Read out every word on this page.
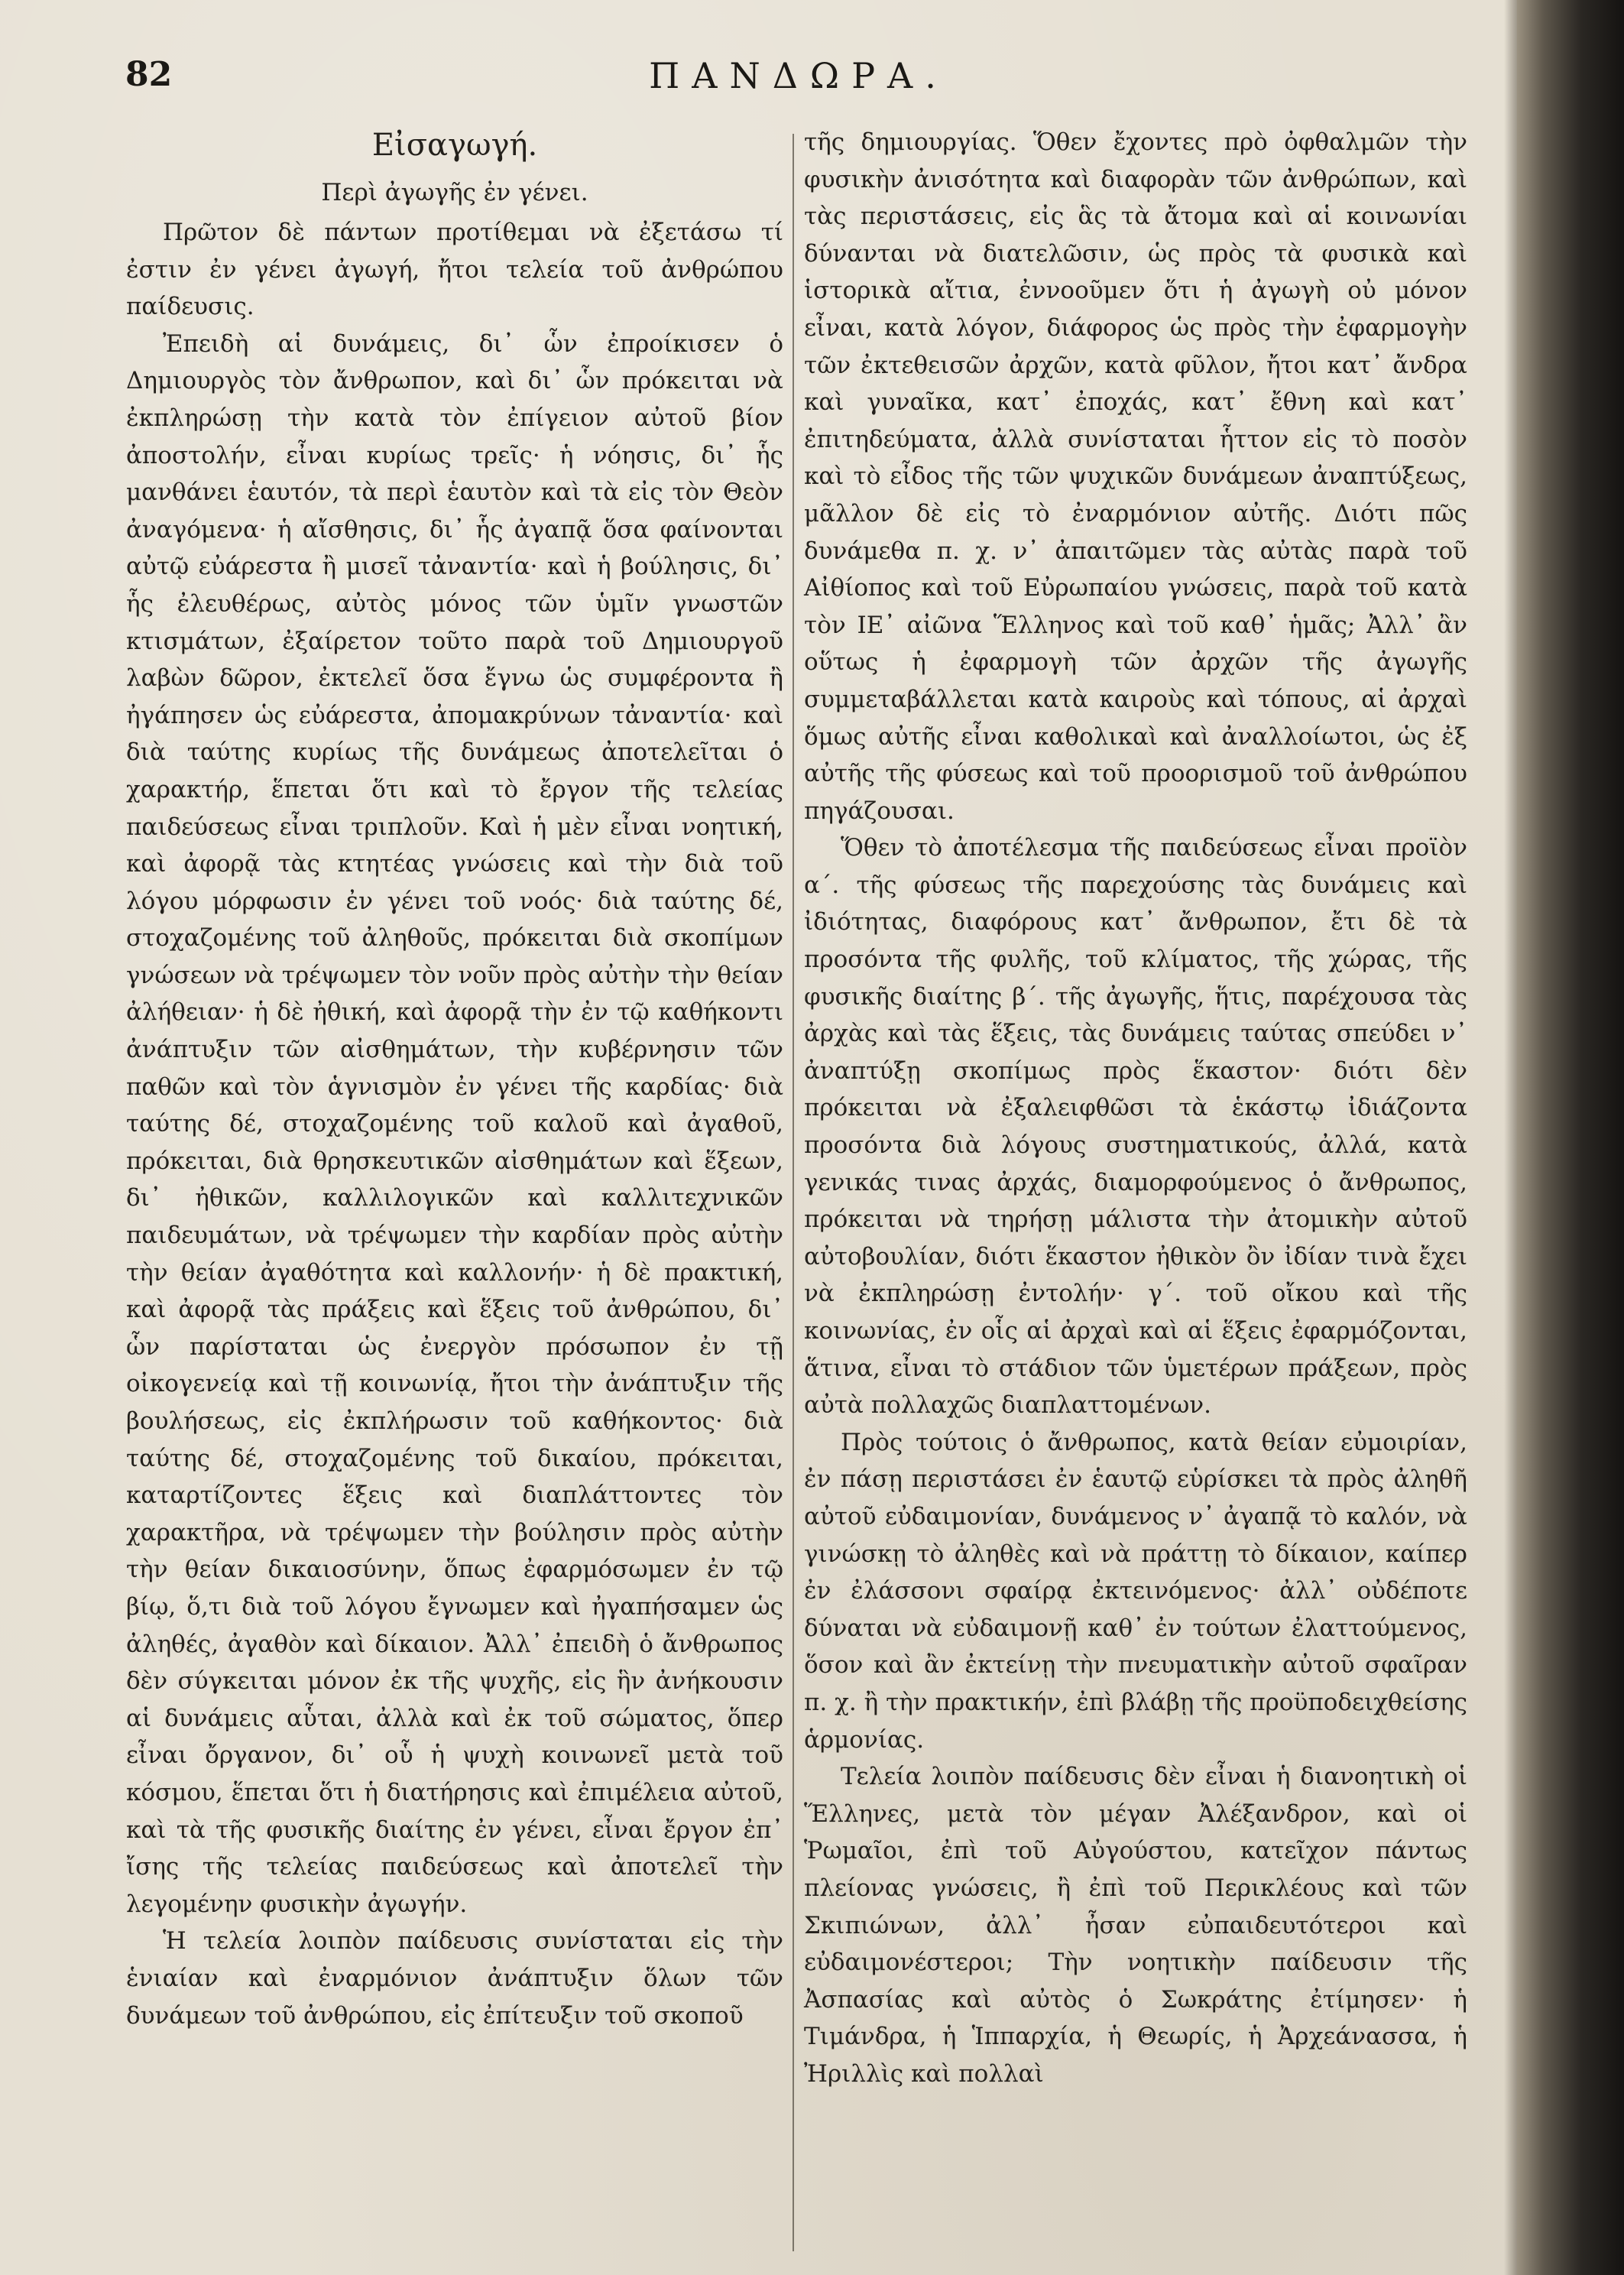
82	ΠΑΝΔΩΡΑ.
Εἰσαγωγή.
Περὶ ἀγωγῆς ἐν γένει.

Πρῶτον δὲ πάντων προτίθεμαι νὰ ἐξετάσω τί ἐστιν ἐν γένει ἀγωγή, ἤτοι τελεία τοῦ ἀνθρώπου παίδευσις.

Ἐπειδὴ αἱ δυνάμεις, δι᾽ ὧν ἐπροίκισεν ὁ Δημιουργὸς τὸν ἄνθρωπον, καὶ δι᾽ ὧν πρόκειται νὰ ἐκπληρώσῃ τὴν κατὰ τὸν ἐπίγειον αὐτοῦ βίον ἀποστολήν, εἶναι κυρίως τρεῖς· ἡ νόησις, δι᾽ ἧς μανθάνει ἑαυτόν, τὰ περὶ ἑαυτὸν καὶ τὰ εἰς τὸν Θεὸν ἀναγόμενα· ἡ αἴσθησις, δι᾽ ἧς ἀγαπᾷ ὅσα φαίνονται αὐτῷ εὐάρεστα ἢ μισεῖ τἀναντία· καὶ ἡ βούλησις, δι᾽ ἧς ἐλευθέρως, αὐτὸς μόνος τῶν ὑμῖν γνωστῶν κτισμάτων, ἐξαίρετον τοῦτο παρὰ τοῦ Δημιουργοῦ λαβὼν δῶρον, ἐκτελεῖ ὅσα ἔγνω ὡς συμφέροντα ἢ ἠγάπησεν ὡς εὐάρεστα, ἀπομακρύνων τἀναντία· καὶ διὰ ταύτης κυρίως τῆς δυνάμεως ἀποτελεῖται ὁ χαρακτήρ, ἕπεται ὅτι καὶ τὸ ἔργον τῆς τελείας παιδεύσεως εἶναι τριπλοῦν. Καὶ ἡ μὲν εἶναι νοητική, καὶ ἀφορᾷ τὰς κτητέας γνώσεις καὶ τὴν διὰ τοῦ λόγου μόρφωσιν ἐν γένει τοῦ νοός· διὰ ταύτης δέ, στοχαζομένης τοῦ ἀληθοῦς, πρόκειται διὰ σκοπίμων γνώσεων νὰ τρέψωμεν τὸν νοῦν πρὸς αὐτὴν τὴν θείαν ἀλήθειαν· ἡ δὲ ἠθική, καὶ ἀφορᾷ τὴν ἐν τῷ καθήκοντι ἀνάπτυξιν τῶν αἰσθημάτων, τὴν κυβέρνησιν τῶν παθῶν καὶ τὸν ἁγνισμὸν ἐν γένει τῆς καρδίας· διὰ ταύτης δέ, στοχαζομένης τοῦ καλοῦ καὶ ἀγαθοῦ, πρόκειται, διὰ θρησκευτικῶν αἰσθημάτων καὶ ἕξεων, δι᾽ ἠθικῶν, καλλιλογικῶν καὶ καλλιτεχνικῶν παιδευμάτων, νὰ τρέψωμεν τὴν καρδίαν πρὸς αὐτὴν τὴν θείαν ἀγαθότητα καὶ καλλονήν· ἡ δὲ πρακτική, καὶ ἀφορᾷ τὰς πράξεις καὶ ἕξεις τοῦ ἀνθρώπου, δι᾽ ὧν παρίσταται ὡς ἐνεργὸν πρόσωπον ἐν τῇ οἰκογενείᾳ καὶ τῇ κοινωνίᾳ, ἤτοι τὴν ἀνάπτυξιν τῆς βουλήσεως, εἰς ἐκπλήρωσιν τοῦ καθήκοντος· διὰ ταύτης δέ, στοχαζομένης τοῦ δικαίου, πρόκειται, καταρτίζοντες ἕξεις καὶ διαπλάττοντες τὸν χαρακτῆρα, νὰ τρέψωμεν τὴν βούλησιν πρὸς αὐτὴν τὴν θείαν δικαιοσύνην, ὅπως ἐφαρμόσωμεν ἐν τῷ βίῳ, ὅ,τι διὰ τοῦ λόγου ἔγνωμεν καὶ ἠγαπήσαμεν ὡς ἀληθές, ἀγαθὸν καὶ δίκαιον. Ἀλλ᾽ ἐπειδὴ ὁ ἄνθρωπος δὲν σύγκειται μόνον ἐκ τῆς ψυχῆς, εἰς ἣν ἀνήκουσιν αἱ δυνάμεις αὗται, ἀλλὰ καὶ ἐκ τοῦ σώματος, ὅπερ εἶναι ὄργανον, δι᾽ οὗ ἡ ψυχὴ κοινωνεῖ μετὰ τοῦ κόσμου, ἕπεται ὅτι ἡ διατήρησις καὶ ἐπιμέλεια αὐτοῦ, καὶ τὰ τῆς φυσικῆς διαίτης ἐν γένει, εἶναι ἔργον ἐπ᾽ ἴσης τῆς τελείας παιδεύσεως καὶ ἀποτελεῖ τὴν λεγομένην φυσικὴν ἀγωγήν.

Ἡ τελεία λοιπὸν παίδευσις συνίσταται εἰς τὴν ἑνιαίαν καὶ ἐναρμόνιον ἀνάπτυξιν ὅλων τῶν δυνάμεων τοῦ ἀνθρώπου, εἰς ἐπίτευξιν τοῦ σκοποῦ

τῆς δημιουργίας. Ὅθεν ἔχοντες πρὸ ὀφθαλμῶν τὴν φυσικὴν ἀνισότητα καὶ διαφορὰν τῶν ἀνθρώπων, καὶ τὰς περιστάσεις, εἰς ἃς τὰ ἄτομα καὶ αἱ κοινωνίαι δύνανται νὰ διατελῶσιν, ὡς πρὸς τὰ φυσικὰ καὶ ἱστορικὰ αἴτια, ἐννοοῦμεν ὅτι ἡ ἀγωγὴ οὐ μόνον εἶναι, κατὰ λόγον, διάφορος ὡς πρὸς τὴν ἐφαρμογὴν τῶν ἐκτεθεισῶν ἀρχῶν, κατὰ φῦλον, ἤτοι κατ᾽ ἄνδρα καὶ γυναῖκα, κατ᾽ ἐποχάς, κατ᾽ ἔθνη καὶ κατ᾽ ἐπιτηδεύματα, ἀλλὰ συνίσταται ἧττον εἰς τὸ ποσὸν καὶ τὸ εἶδος τῆς τῶν ψυχικῶν δυνάμεων ἀναπτύξεως, μᾶλλον δὲ εἰς τὸ ἐναρμόνιον αὐτῆς. Διότι πῶς δυνάμεθα π. χ. ν᾽ ἀπαιτῶμεν τὰς αὐτὰς παρὰ τοῦ Αἰθίοπος καὶ τοῦ Εὐρωπαίου γνώσεις, παρὰ τοῦ κατὰ τὸν ΙΕ᾽ αἰῶνα Ἕλληνος καὶ τοῦ καθ᾽ ἡμᾶς; Ἀλλ᾽ ἂν οὕτως ἡ ἐφαρμογὴ τῶν ἀρχῶν τῆς ἀγωγῆς συμμεταβάλλεται κατὰ καιροὺς καὶ τόπους, αἱ ἀρχαὶ ὅμως αὐτῆς εἶναι καθολικαὶ καὶ ἀναλλοίωτοι, ὡς ἐξ αὐτῆς τῆς φύσεως καὶ τοῦ προορισμοῦ τοῦ ἀνθρώπου πηγάζουσαι.

Ὅθεν τὸ ἀποτέλεσμα τῆς παιδεύσεως εἶναι προϊὸν α΄. τῆς φύσεως τῆς παρεχούσης τὰς δυνάμεις καὶ ἰδιότητας, διαφόρους κατ᾽ ἄνθρωπον, ἔτι δὲ τὰ προσόντα τῆς φυλῆς, τοῦ κλίματος, τῆς χώρας, τῆς φυσικῆς διαίτης β΄. τῆς ἀγωγῆς, ἥτις, παρέχουσα τὰς ἀρχὰς καὶ τὰς ἕξεις, τὰς δυνάμεις ταύτας σπεύδει ν᾽ ἀναπτύξῃ σκοπίμως πρὸς ἕκαστον· διότι δὲν πρόκειται νὰ ἐξαλειφθῶσι τὰ ἑκάστῳ ἰδιάζοντα προσόντα διὰ λόγους συστηματικούς, ἀλλά, κατὰ γενικάς τινας ἀρχάς, διαμορφούμενος ὁ ἄνθρωπος, πρόκειται νὰ τηρήσῃ μάλιστα τὴν ἀτομικὴν αὐτοῦ αὐτοβουλίαν, διότι ἕκαστον ἠθικὸν ὂν ἰδίαν τινὰ ἔχει νὰ ἐκπληρώσῃ ἐντολήν· γ΄. τοῦ οἴκου καὶ τῆς κοινωνίας, ἐν οἷς αἱ ἀρχαὶ καὶ αἱ ἕξεις ἐφαρμόζονται, ἅτινα, εἶναι τὸ στάδιον τῶν ὑμετέρων πράξεων, πρὸς αὐτὰ πολλαχῶς διαπλαττομένων.

Πρὸς τούτοις ὁ ἄνθρωπος, κατὰ θείαν εὐμοιρίαν, ἐν πάσῃ περιστάσει ἐν ἑαυτῷ εὑρίσκει τὰ πρὸς ἀληθῆ αὐτοῦ εὐδαιμονίαν, δυνάμενος ν᾽ ἀγαπᾷ τὸ καλόν, νὰ γινώσκῃ τὸ ἀληθὲς καὶ νὰ πράττῃ τὸ δίκαιον, καίπερ ἐν ἐλάσσονι σφαίρᾳ ἐκτεινόμενος· ἀλλ᾽ οὐδέποτε δύναται νὰ εὐδαιμονῇ καθ᾽ ἐν τούτων ἐλαττούμενος, ὅσον καὶ ἂν ἐκτείνῃ τὴν πνευματικὴν αὐτοῦ σφαῖραν π. χ. ἢ τὴν πρακτικήν, ἐπὶ βλάβῃ τῆς προϋποδειχθείσης ἁρμονίας.

Τελεία λοιπὸν παίδευσις δὲν εἶναι ἡ διανοητικὴ οἱ Ἕλληνες, μετὰ τὸν μέγαν Ἀλέξανδρον, καὶ οἱ Ῥωμαῖοι, ἐπὶ τοῦ Αὐγούστου, κατεῖχον πάντως πλείονας γνώσεις, ἢ ἐπὶ τοῦ Περικλέους καὶ τῶν Σκιπιώνων, ἀλλ᾽ ἦσαν εὐπαιδευτότεροι καὶ εὐδαιμονέστεροι; Τὴν νοητικὴν παίδευσιν τῆς Ἀσπασίας καὶ αὐτὸς ὁ Σωκράτης ἐτίμησεν· ἡ Τιμάνδρα, ἡ Ἱππαρχία, ἡ Θεωρίς, ἡ Ἀρχεάνασσα, ἡ Ἠριλλὶς καὶ πολλαὶ
